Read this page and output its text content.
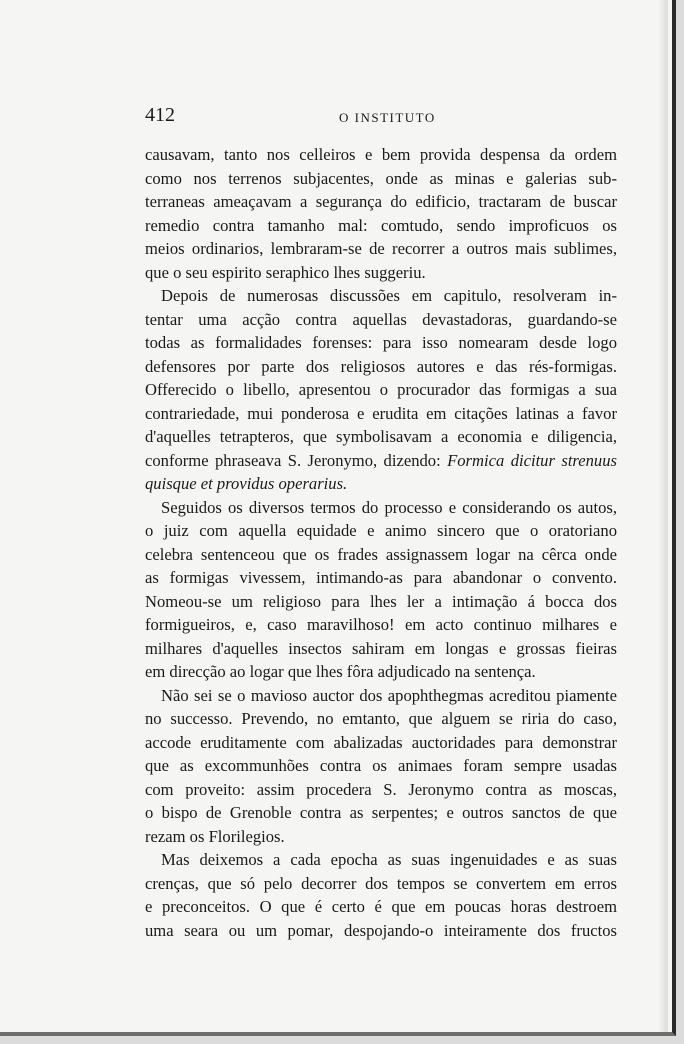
412	O INSTITUTO
causavam, tanto nos celleiros e bem provida despensa da ordem
como nos terrenos subjacentes, onde as minas e galerias sub-
terraneas ameaçavam a segurança do edificio, tractaram de buscar
remedio contra tamanho mal: comtudo, sendo improficuos os
meios ordinarios, lembraram-se de recorrer a outros mais sublimes,
que o seu espirito seraphico lhes suggeriu.
Depois de numerosas discussões em capitulo, resolveram in-
tentar uma acção contra aquellas devastadoras, guardando-se
todas as formalidades forenses: para isso nomearam desde logo
defensores por parte dos religiosos autores e das rés-formigas.
Offerecido o libello, apresentou o procurador das formigas a sua
contrariedade, mui ponderosa e erudita em citações latinas a favor
d'aquelles tetrapteros, que symbolisavam a economia e diligencia,
conforme phraseava S. Jeronymo, dizendo: Formica dicitur strenuus
quisque et providus operarius.
Seguidos os diversos termos do processo e considerando os autos,
o juiz com aquella equidade e animo sincero que o oratoriano
celebra sentenceou que os frades assignassem logar na cêrca onde
as formigas vivessem, intimando-as para abandonar o convento.
Nomeou-se um religioso para lhes ler a intimação á bocca dos
formigueiros, e, caso maravilhoso! em acto continuo milhares e
milhares d'aquelles insectos sahiram em longas e grossas fieiras
em direcção ao logar que lhes fôra adjudicado na sentença.
Não sei se o mavioso auctor dos apophthegmas acreditou piamente
no successo. Prevendo, no emtanto, que alguem se riria do caso,
accode eruditamente com abalizadas auctoridades para demonstrar
que as excommunhões contra os animaes foram sempre usadas
com proveito: assim procedera S. Jeronymo contra as moscas,
o bispo de Grenoble contra as serpentes; e outros sanctos de que
rezam os Florilegios.
Mas deixemos a cada epocha as suas ingenuidades e as suas
crenças, que só pelo decorrer dos tempos se convertem em erros
e preconceitos. O que é certo é que em poucas horas destroem
uma seara ou um pomar, despojando-o inteiramente dos fructos
